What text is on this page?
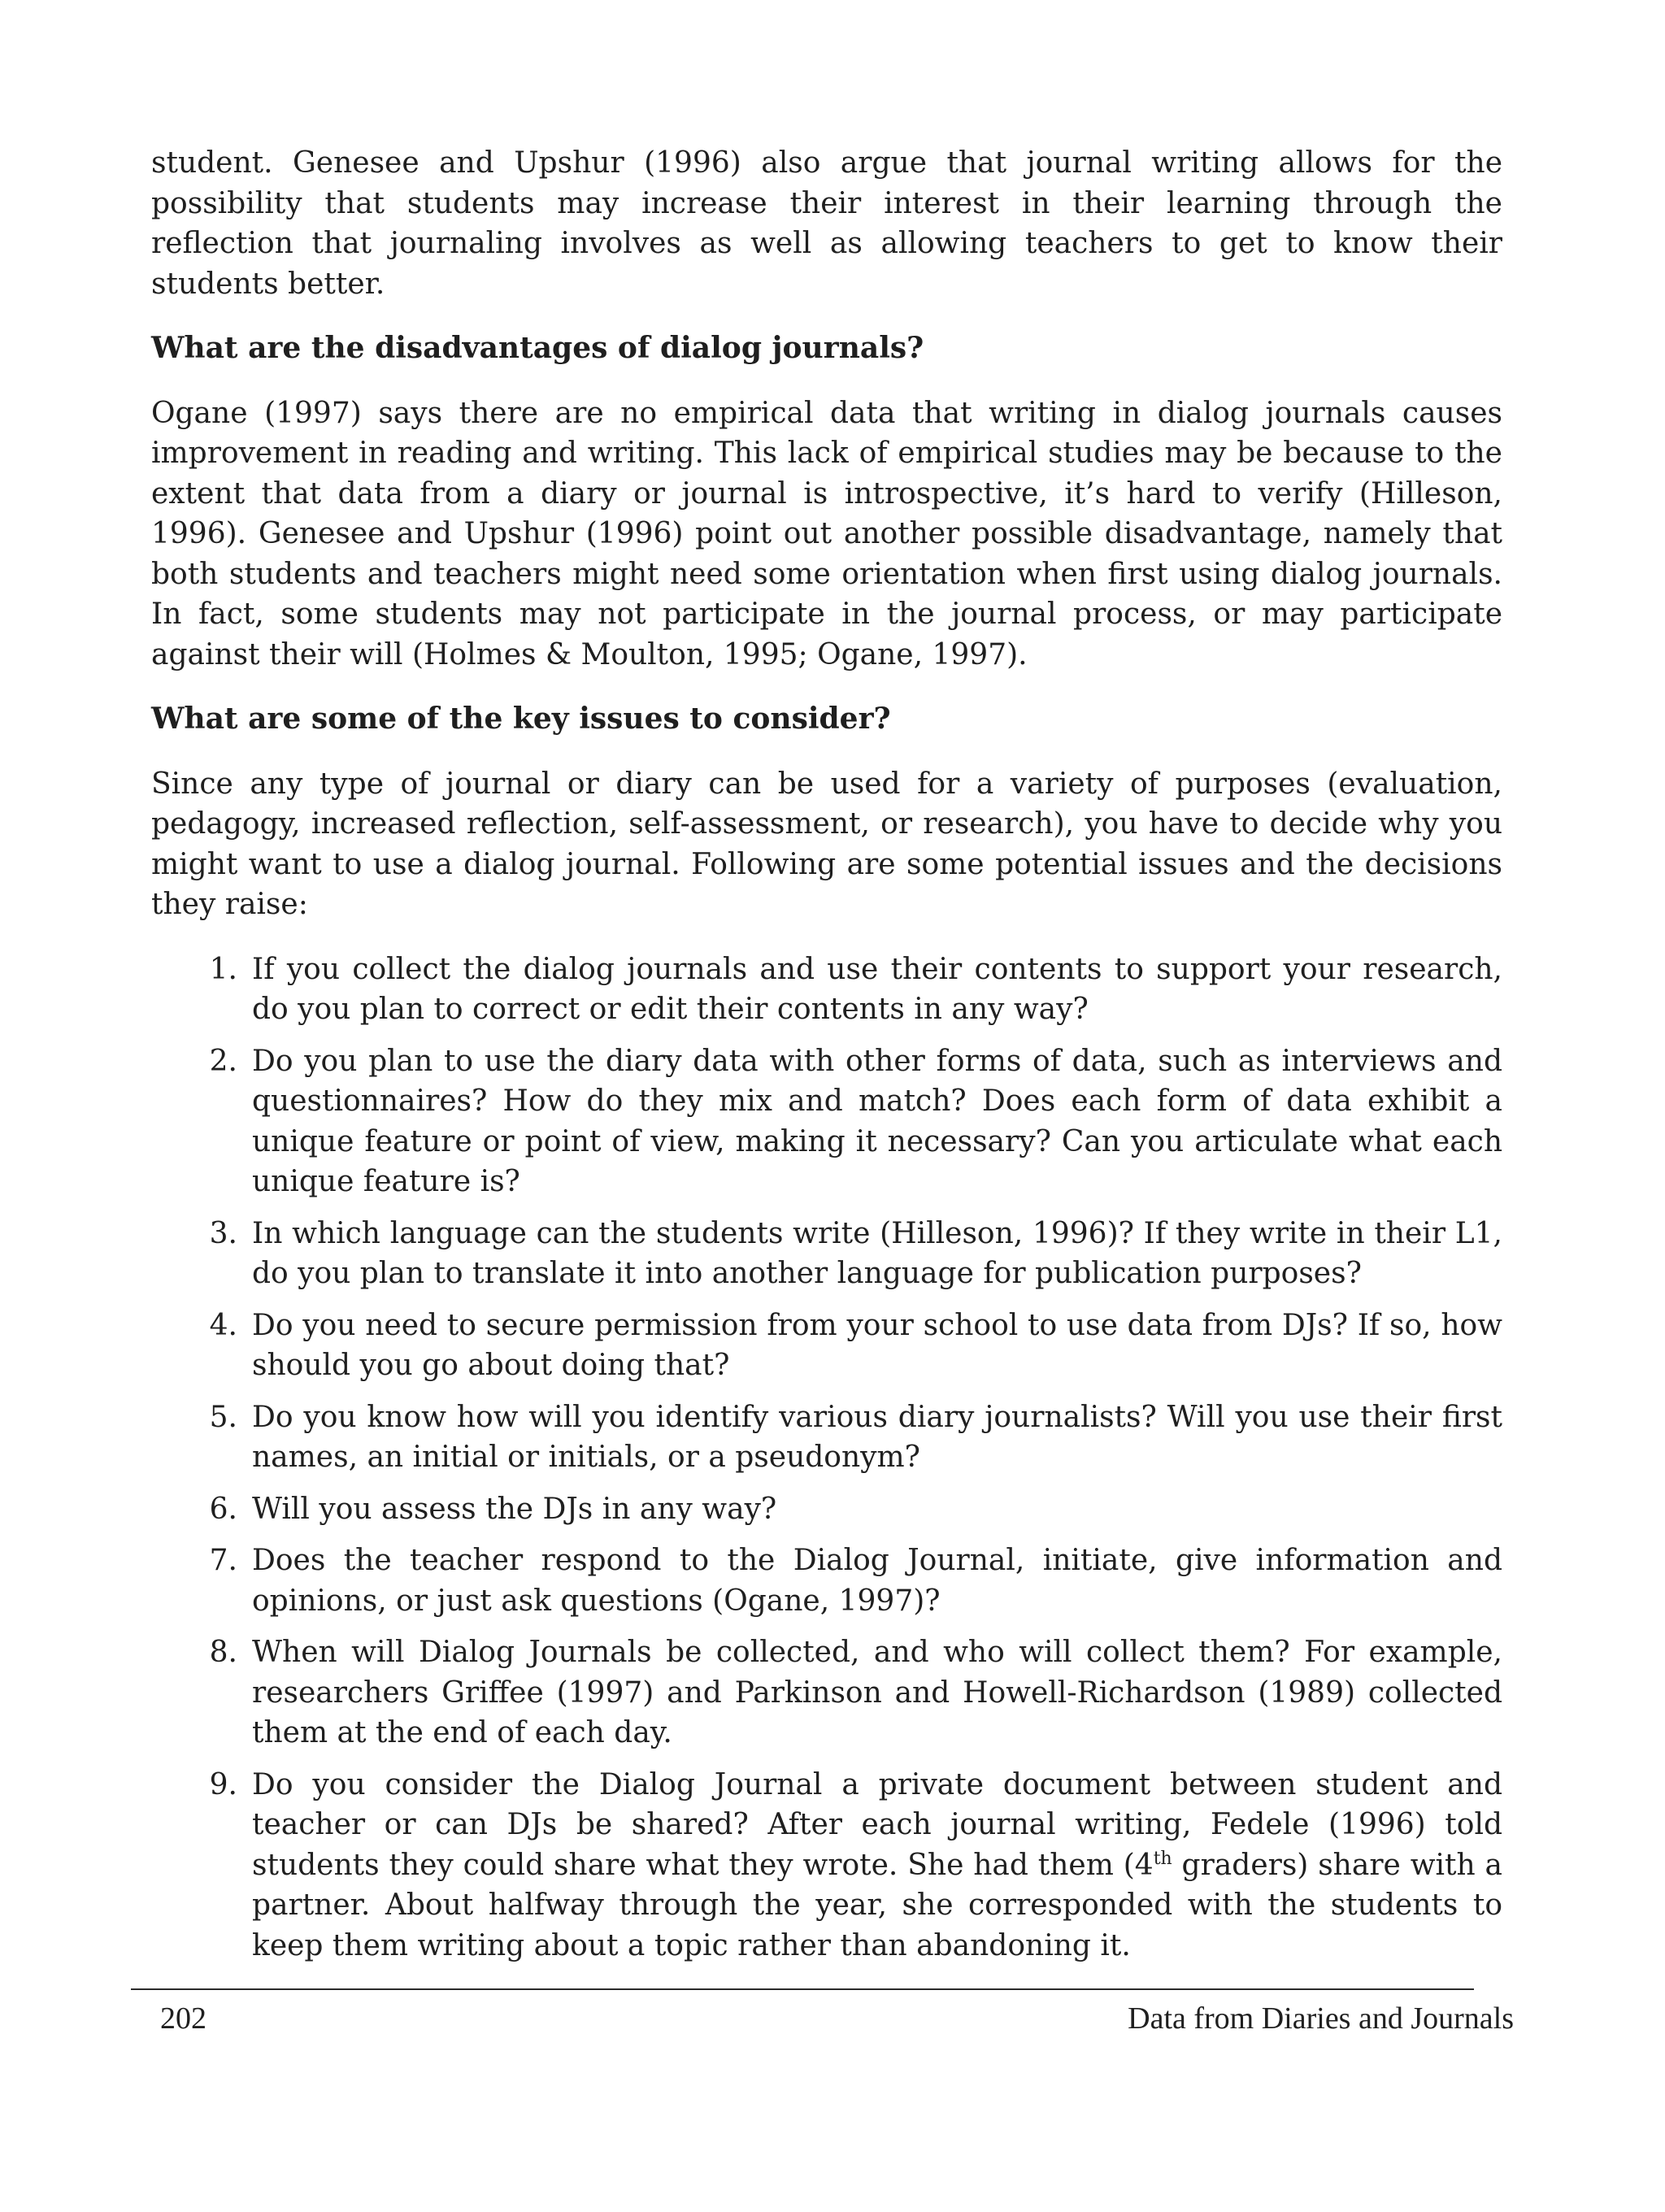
student. Genesee and Upshur (1996) also argue that journal writing allows for the possibility that students may increase their interest in their learning through the reflection that journaling involves as well as allowing teachers to get to know their students better.

What are the disadvantages of dialog journals?

Ogane (1997) says there are no empirical data that writing in dialog journals causes improvement in reading and writing. This lack of empirical studies may be because to the extent that data from a diary or journal is introspective, it’s hard to verify (Hilleson, 1996). Genesee and Upshur (1996) point out another possible disadvantage, namely that both students and teachers might need some orientation when first using dialog journals. In fact, some students may not participate in the journal process, or may participate against their will (Holmes & Moulton, 1995; Ogane, 1997).

What are some of the key issues to consider?

Since any type of journal or diary can be used for a variety of purposes (evaluation, pedagogy, increased reflection, self-assessment, or research), you have to decide why you might want to use a dialog journal. Following are some potential issues and the decisions they raise:

1. If you collect the dialog journals and use their contents to support your research, do you plan to correct or edit their contents in any way?
2. Do you plan to use the diary data with other forms of data, such as interviews and questionnaires? How do they mix and match? Does each form of data exhibit a unique feature or point of view, making it necessary? Can you articulate what each unique feature is?
3. In which language can the students write (Hilleson, 1996)? If they write in their L1, do you plan to translate it into another language for publication purposes?
4. Do you need to secure permission from your school to use data from DJs? If so, how should you go about doing that?
5. Do you know how will you identify various diary journalists? Will you use their first names, an initial or initials, or a pseudonym?
6. Will you assess the DJs in any way?
7. Does the teacher respond to the Dialog Journal, initiate, give information and opinions, or just ask questions (Ogane, 1997)?
8. When will Dialog Journals be collected, and who will collect them? For example, researchers Griffee (1997) and Parkinson and Howell-Richardson (1989) collected them at the end of each day.
9. Do you consider the Dialog Journal a private document between student and teacher or can DJs be shared? After each journal writing, Fedele (1996) told students they could share what they wrote. She had them (4th graders) share with a partner. About halfway through the year, she corresponded with the students to keep them writing about a topic rather than abandoning it.
202	Data from Diaries and Journals
